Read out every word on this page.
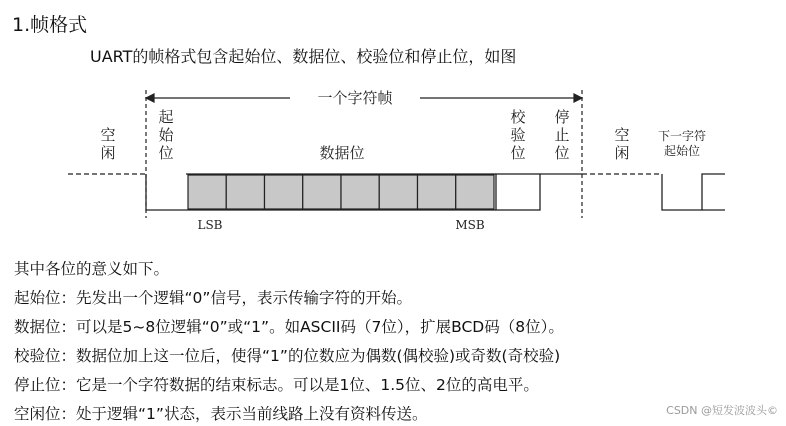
1.帧格式
UART的帧格式包含起始位、数据位、校验位和停止位，如图
一个字符帧
空
闲
起
始
位	数据位
校
验
位
停
止
位
空
闲
下一字符
起始位
LSB	MSB
其中各位的意义如下。
起始位：先发出一个逻辑“0”信号，表示传输字符的开始。
数据位：可以是5~8位逻辑“0”或“1”。如ASCII码（7位），扩展BCD码（8位）。
校验位：数据位加上这一位后，使得“1”的位数应为偶数(偶校验)或奇数(奇校验)
停止位：它是一个字符数据的结束标志。可以是1位、1.5位、2位的高电平。
空闲位：处于逻辑“1”状态，表示当前线路上没有资料传送。	CSDN @短发波波头©
